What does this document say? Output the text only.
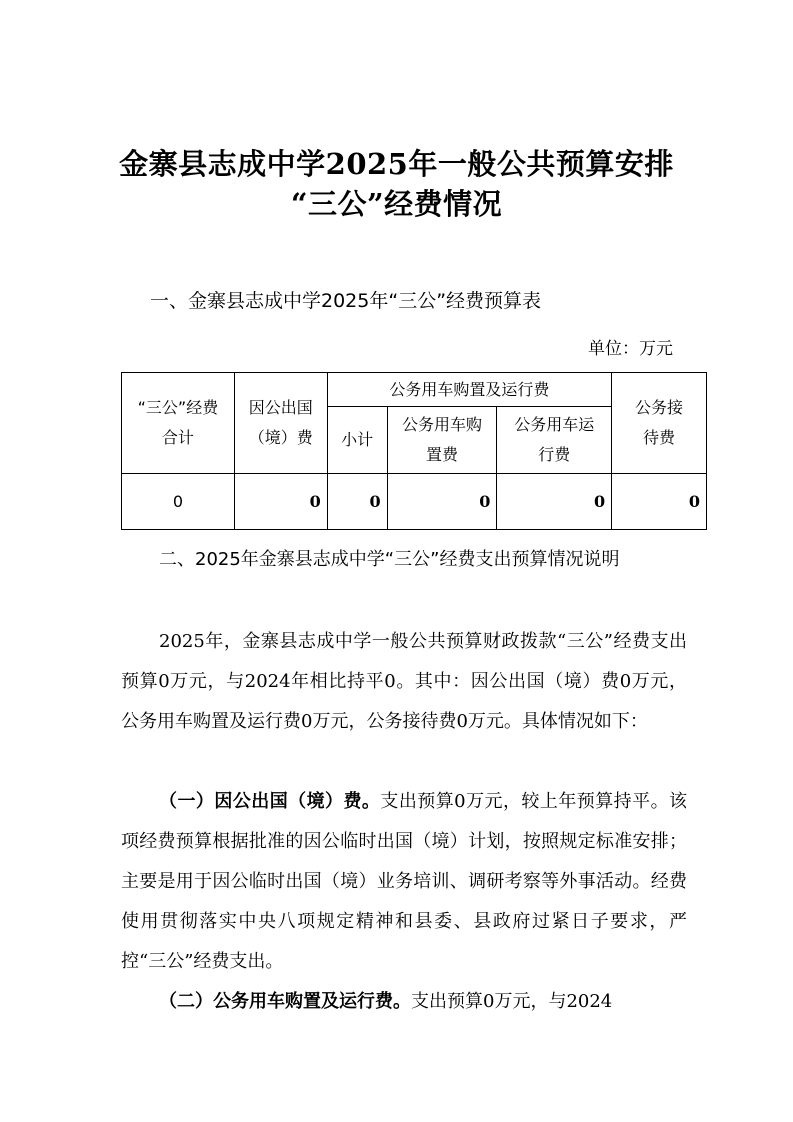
金寨县志成中学2025年一般公共预算安排
“三公”经费情况
一、金寨县志成中学2025年“三公”经费预算表
单位：万元
“三公”经费合计	因公出国（境）费	公务用车购置及运行费			公务接待费
		小计	公务用车购置费	公务用车运行费	
0	0	0	0	0	0
二、2025年金寨县志成中学“三公”经费支出预算情况说明

2025年，金寨县志成中学一般公共预算财政拨款“三公”经费支出预算0万元，与2024年相比持平0。其中：因公出国（境）费0万元，公务用车购置及运行费0万元，公务接待费0万元。具体情况如下：

（一）因公出国（境）费。支出预算0万元，较上年预算持平。该项经费预算根据批准的因公临时出国（境）计划，按照规定标准安排；主要是用于因公临时出国（境）业务培训、调研考察等外事活动。经费使用贯彻落实中央八项规定精神和县委、县政府过紧日子要求，严控“三公”经费支出。

（二）公务用车购置及运行费。支出预算0万元，与2024
